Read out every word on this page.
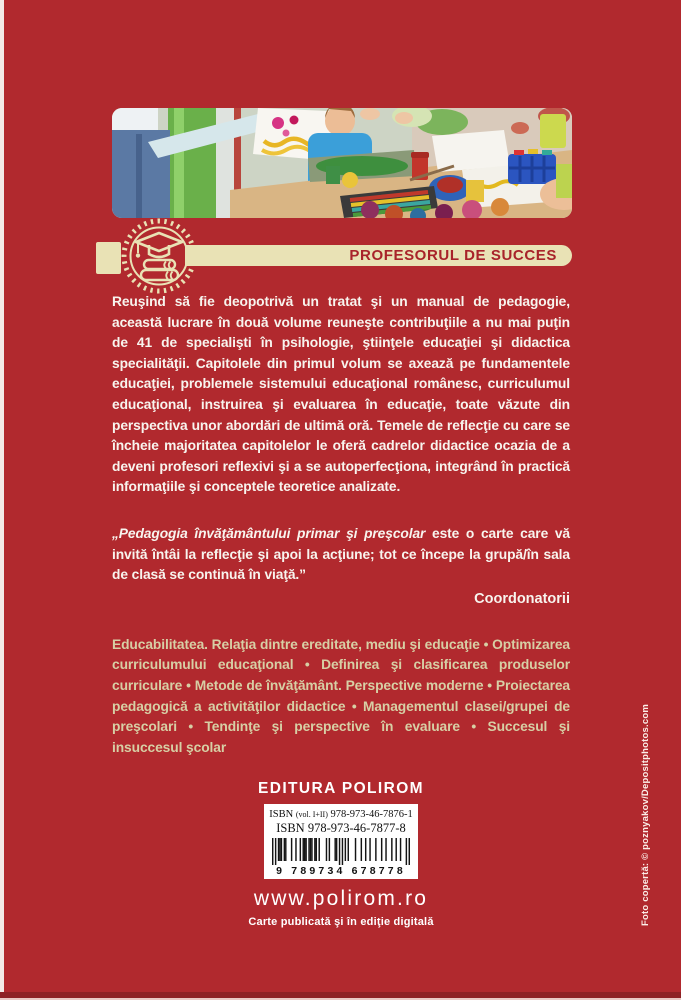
PROFESORUL DE SUCCES

Reuşind să fie deopotrivă un tratat şi un manual de pedagogie, această lucrare în două volume reuneşte contribuţiile a nu mai puţin de 41 de specialişti în psihologie, ştiinţele educaţiei şi didactica specialităţii. Capitolele din primul volum se axează pe fundamentele educaţiei, problemele sistemului educaţional românesc, curriculumul educaţional, instruirea şi evaluarea în educaţie, toate văzute din perspectiva unor abordări de ultimă oră. Temele de reflecţie cu care se încheie majoritatea capitolelor le oferă cadrelor didactice ocazia de a deveni profesori reflexivi şi a se autoperfecţiona, integrând în practică informaţiile şi conceptele teoretice analizate.

„Pedagogia învăţământului primar şi preşcolar este o carte care vă invită întâi la reflecţie şi apoi la acţiune; tot ce începe la grupă/în sala de clasă se continuă în viaţă.”

Coordonatorii

Educabilitatea. Relaţia dintre ereditate, mediu şi educaţie • Optimizarea curriculumului educaţional • Definirea şi clasificarea produselor curriculare • Metode de învăţământ. Perspective moderne • Proiectarea pedagogică a activităţilor didactice • Managementul clasei/grupei de preşcolari • Tendinţe şi perspective în evaluare • Succesul şi insuccesul şcolar

EDITURA POLIROM
ISBN (vol. I+II) 978-973-46-7876-1
ISBN 978-973-46-7877-8
9 789734 678778
www.polirom.ro
Carte publicată şi în ediţie digitală	Foto copertă: © poznyakov/Depositphotos.com
